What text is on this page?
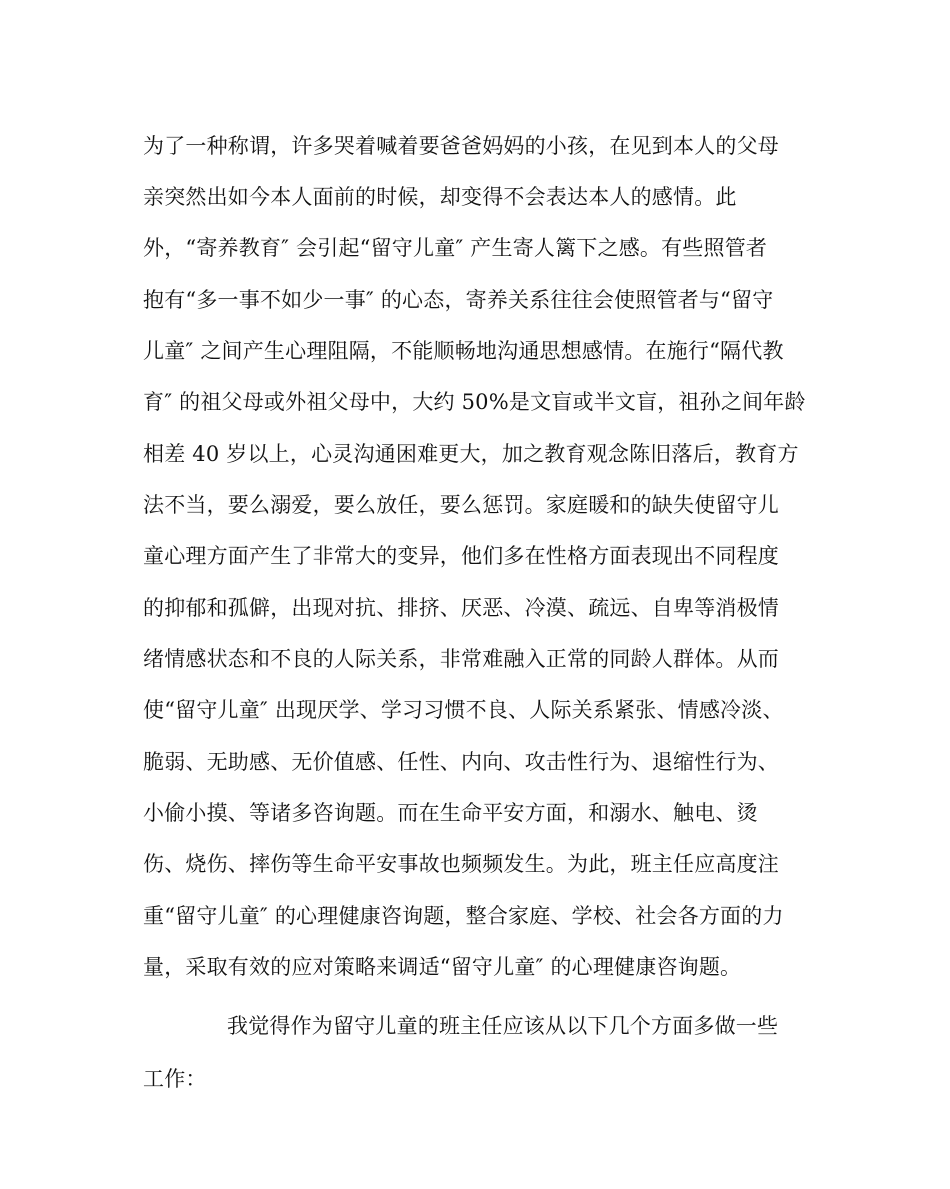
为了一种称谓，许多哭着喊着要爸爸妈妈的小孩，在见到本人的父母
亲突然出如今本人面前的时候，却变得不会表达本人的感情。此
外，“寄养教育″ 会引起“留守儿童″ 产生寄人篱下之感。有些照管者
抱有“多一事不如少一事″ 的心态，寄养关系往往会使照管者与“留守
儿童″ 之间产生心理阻隔，不能顺畅地沟通思想感情。在施行“隔代教
育″ 的祖父母或外祖父母中，大约 50%是文盲或半文盲，祖孙之间年龄
相差 40 岁以上，心灵沟通困难更大，加之教育观念陈旧落后，教育方
法不当，要么溺爱，要么放任，要么惩罚。家庭暖和的缺失使留守儿
童心理方面产生了非常大的变异，他们多在性格方面表现出不同程度
的抑郁和孤僻，出现对抗、排挤、厌恶、冷漠、疏远、自卑等消极情
绪情感状态和不良的人际关系，非常难融入正常的同龄人群体。从而
使“留守儿童″ 出现厌学、学习习惯不良、人际关系紧张、情感冷淡、
脆弱、无助感、无价值感、任性、内向、攻击性行为、退缩性行为、
小偷小摸、等诸多咨询题。而在生命平安方面，和溺水、触电、烫
伤、烧伤、摔伤等生命平安事故也频频发生。为此，班主任应高度注
重“留守儿童″ 的心理健康咨询题，整合家庭、学校、社会各方面的力
量，采取有效的应对策略来调适“留守儿童″ 的心理健康咨询题。
我觉得作为留守儿童的班主任应该从以下几个方面多做一些
工作：
